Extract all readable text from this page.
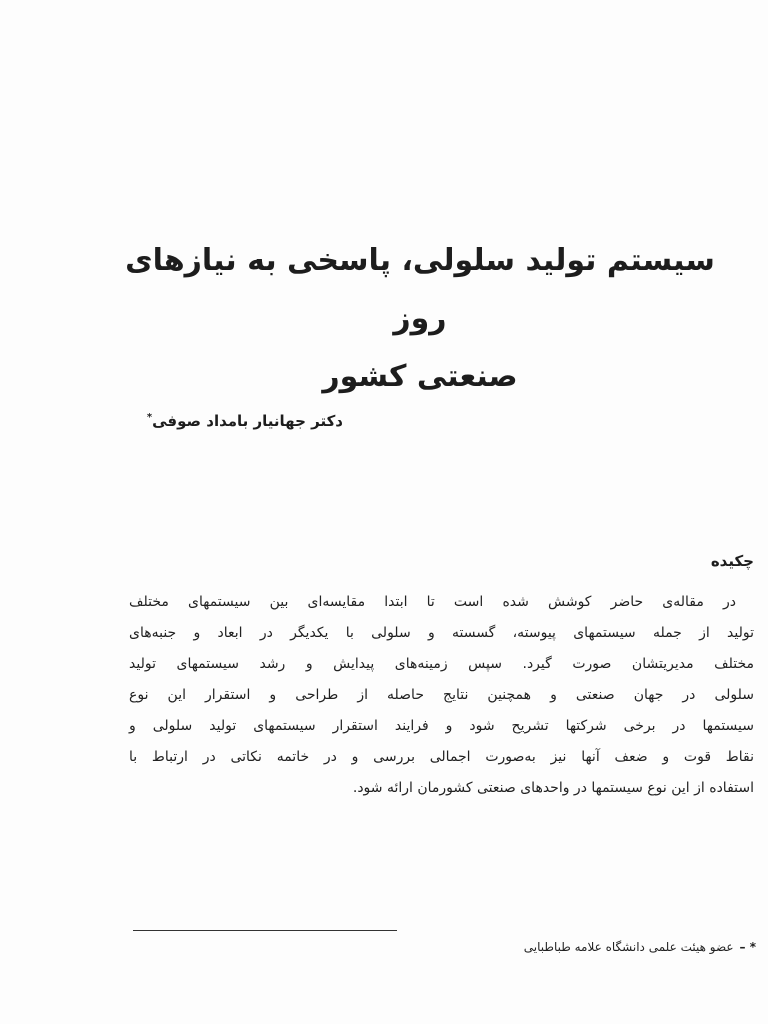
سیستم تولید سلولی، پاسخی به نیازهای روز
صنعتی کشور
دکتر جهانیار بامداد صوفی*
چکیده
در مقاله‌ی حاضر کوشش شده است تا ابتدا مقایسه‌ای بین سیستمهای مختلف
تولید از جمله سیستمهای پیوسته، گسسته و سلولی با یکدیگر در ابعاد و جنبه‌های
مختلف مدیریتشان صورت گیرد. سپس زمینه‌های پیدایش و رشد سیستمهای تولید
سلولی در جهان صنعتی و همچنین نتایج حاصله از طراحی و استقرار این نوع
سیستمها در برخی شرکتها تشریح شود و فرایند استقرار سیستمهای تولید سلولی و
نقاط قوت و ضعف آنها نیز به‌صورت اجمالی بررسی و در خاتمه نکاتی در ارتباط با
استفاده از این نوع سیستمها در واحدهای صنعتی کشورمان ارائه شود.
* –عضو هیئت علمی دانشگاه علامه طباطبایی
